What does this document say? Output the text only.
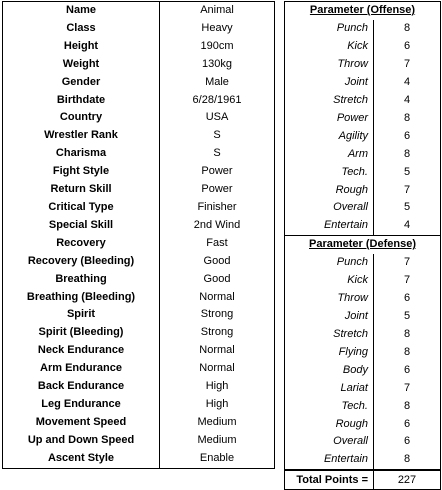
Name	Animal
Class	Heavy
Height	190cm
Weight	130kg
Gender	Male
Birthdate	6/28/1961
Country	USA
Wrestler Rank	S
Charisma	S
Fight Style	Power
Return Skill	Power
Critical Type	Finisher
Special Skill	2nd Wind
Recovery	Fast
Recovery (Bleeding)	Good
Breathing	Good
Breathing (Bleeding)	Normal
Spirit	Strong
Spirit (Bleeding)	Strong
Neck Endurance	Normal
Arm Endurance	Normal
Back Endurance	High
Leg Endurance	High
Movement Speed	Medium
Up and Down Speed	Medium
Ascent Style	Enable
Parameter (Offense)	
Punch	8
Kick	6
Throw	7
Joint	4
Stretch	4
Power	8
Agility	6
Arm	8
Tech.	5
Rough	7
Overall	5
Entertain	4
Parameter (Defense)	
Punch	7
Kick	7
Throw	6
Joint	5
Stretch	8
Flying	8
Body	6
Lariat	7
Tech.	8
Rough	6
Overall	6
Entertain	8
Total Points =	227
